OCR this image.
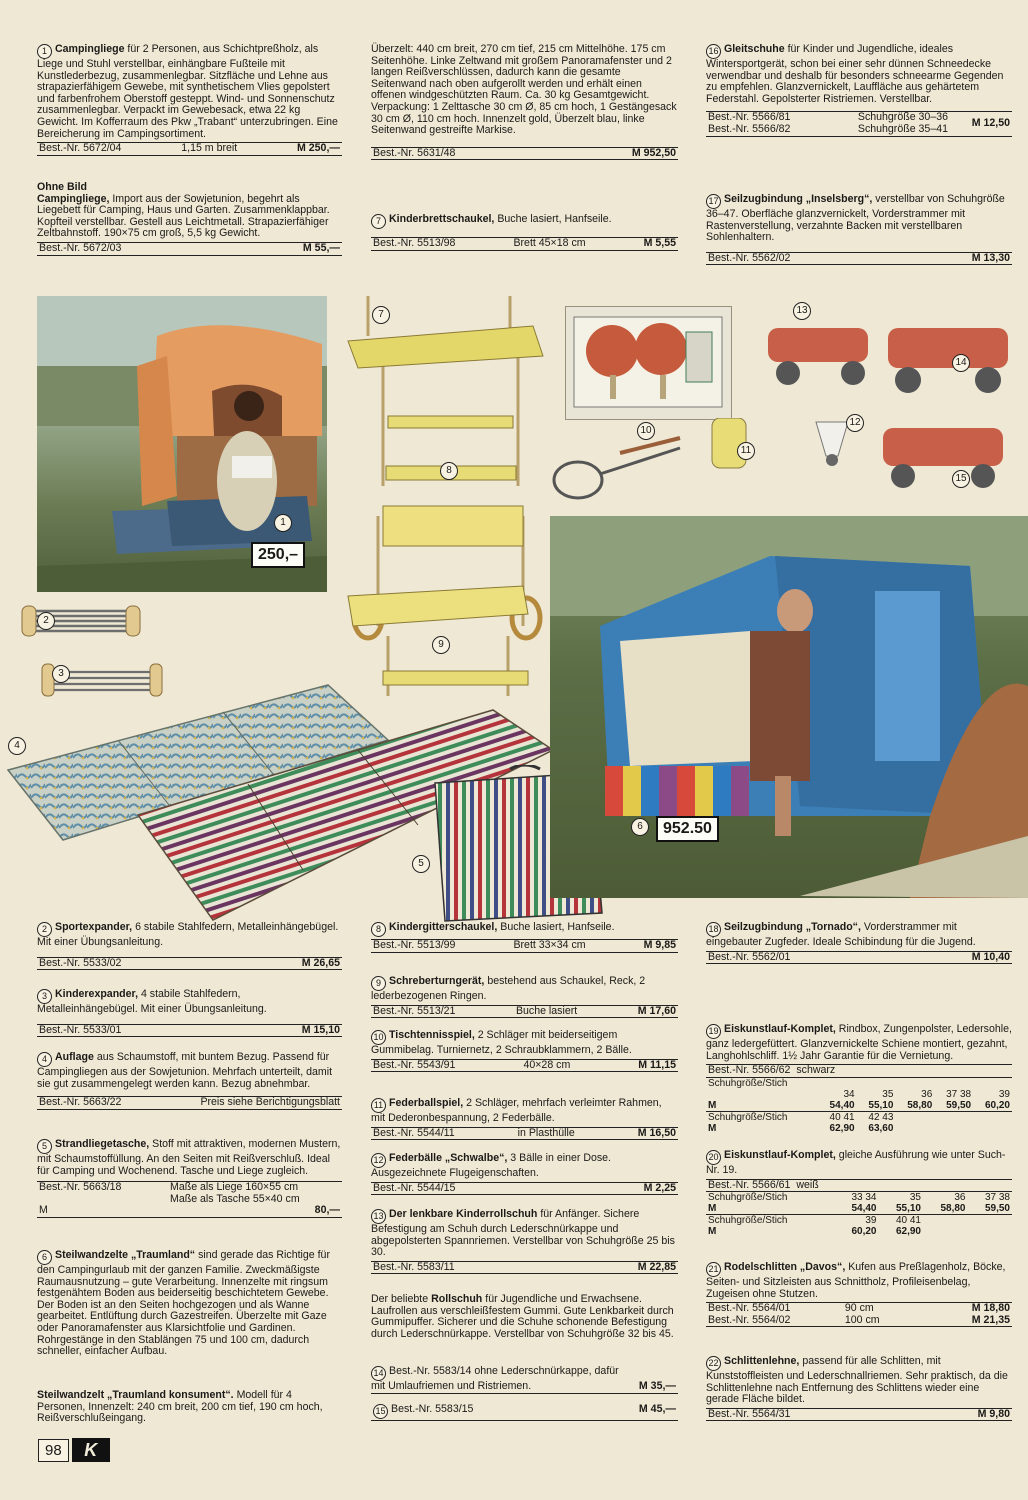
1 Campingliege für 2 Personen, aus Schichtpreßholz, als Liege und Stuhl verstellbar, einhängbare Fußteile mit Kunstlederbezug, zusammenlegbar. Sitzfläche und Lehne aus strapazierfähigem Gewebe, mit synthetischem Vlies gepolstert und farbenfrohem Oberstoff gesteppt. Wind- und Sonnenschutz zusammenlegbar. Verpackt im Gewebesack, etwa 22 kg Gewicht. Im Kofferraum des Pkw „Trabant“ unterzubringen. Eine Bereicherung im Campingsortiment.

Best.-Nr. 5672/04	1,15 m breit	M 250,—

Ohne Bild

Campingliege, Import aus der Sowjetunion, begehrt als Liegebett für Camping, Haus und Garten. Zusammenklappbar. Kopfteil verstellbar. Gestell aus Leichtmetall. Strapazierfähiger Zeltbahnstoff. 190×75 cm groß, 5,5 kg Gewicht.

Best.-Nr. 5672/03	M 55,—

Überzelt: 440 cm breit, 270 cm tief, 215 cm Mittelhöhe. 175 cm Seitenhöhe. Linke Zeltwand mit großem Panoramafenster und 2 langen Reißverschlüssen, dadurch kann die gesamte Seitenwand nach oben aufgerollt werden und erhält einen offenen windgeschützten Raum. Ca. 30 kg Gesamtgewicht. Verpackung: 1 Zelttasche 30 cm Ø, 85 cm hoch, 1 Gestängesack 30 cm Ø, 110 cm hoch. Innenzelt gold, Überzelt blau, linke Seitenwand gestreifte Markise.

Best.-Nr. 5631/48	M 952,50

7 Kinderbrettschaukel, Buche lasiert, Hanfseile.

Best.-Nr. 5513/98	Brett 45×18 cm	M 5,55

16 Gleitschuhe für Kinder und Jugendliche, ideales Wintersportgerät, schon bei einer sehr dünnen Schneedecke verwendbar und deshalb für besonders schneearme Gegenden zu empfehlen. Glanzvernickelt, Lauffläche aus gehärtetem Federstahl. Gepolsterter Ristriemen. Verstellbar.

Best.-Nr. 5566/81	Schuhgröße 30–36
Best.-Nr. 5566/82	Schuhgröße 35–41	M 12,50

17 Seilzugbindung „Inselsberg“, verstellbar von Schuhgröße 36–47. Oberfläche glanzvernickelt, Vorderstrammer mit Rastenverstellung, verzahnte Backen mit verstellbaren Sohlenhaltern.

Best.-Nr. 5562/02	M 13,30
250,–
952.50
1
2
3
4
5
6
7
8
9
10
11
12
13
14
15

2 Sportexpander, 6 stabile Stahlfedern, Metalleinhängebügel. Mit einer Übungsanleitung.

Best.-Nr. 5533/02	M 26,65

3 Kinderexpander, 4 stabile Stahlfedern, Metalleinhängebügel. Mit einer Übungsanleitung.

Best.-Nr. 5533/01	M 15,10

4 Auflage aus Schaumstoff, mit buntem Bezug. Passend für Campingliegen aus der Sowjetunion. Mehrfach unterteilt, damit sie gut zusammengelegt werden kann. Bezug abnehmbar.

Best.-Nr. 5663/22	Preis siehe Berichtigungsblatt

5 Strandliegetasche, Stoff mit attraktiven, modernen Mustern, mit Schaumstoffüllung. An den Seiten mit Reißverschluß. Ideal für Camping und Wochenend. Tasche und Liege zugleich.

Best.-Nr. 5663/18	Maße als Liege 160×55 cm
Maße als Tasche 55×40 cm
M	80,—

6 Steilwandzelte „Traumland“ sind gerade das Richtige für den Campingurlaub mit der ganzen Familie. Zweckmäßigste Raumausnutzung – gute Verarbeitung. Innenzelte mit ringsum festgenähtem Boden aus beiderseitig beschichtetem Gewebe. Der Boden ist an den Seiten hochgezogen und als Wanne gearbeitet. Entlüftung durch Gazestreifen. Überzelte mit Gaze oder Panoramafenster aus Klarsichtfolie und Gardinen. Rohrgestänge in den Stablängen 75 und 100 cm, dadurch schneller, einfacher Aufbau.

Steilwandzelt „Traumland konsument“. Modell für 4 Personen, Innenzelt: 240 cm breit, 200 cm tief, 190 cm hoch, Reißverschlußeingang.

8 Kindergitterschaukel, Buche lasiert, Hanfseile.

Best.-Nr. 5513/99	Brett 33×34 cm	M 9,85

9 Schreberturngerät, bestehend aus Schaukel, Reck, 2 lederbezogenen Ringen.

Best.-Nr. 5513/21	Buche lasiert	M 17,60

10 Tischtennisspiel, 2 Schläger mit beiderseitigem Gummibelag. Turniernetz, 2 Schraubklammern, 2 Bälle.

Best.-Nr. 5543/91	40×28 cm	M 11,15

11 Federballspiel, 2 Schläger, mehrfach verleimter Rahmen, mit Dederonbespannung, 2 Federbälle.

Best.-Nr. 5544/11	in Plasthülle	M 16,50

12 Federbälle „Schwalbe“, 3 Bälle in einer Dose. Ausgezeichnete Flugeigenschaften.

Best.-Nr. 5544/15	M 2,25

13 Der lenkbare Kinderrollschuh für Anfänger. Sichere Befestigung am Schuh durch Lederschnürkappe und abgepolsterten Spannriemen. Verstellbar von Schuhgröße 25 bis 30.

Best.-Nr. 5583/11	M 22,85

Der beliebte Rollschuh für Jugendliche und Erwachsene. Laufrollen aus verschleißfestem Gummi. Gute Lenkbarkeit durch Gummipuffer. Sicherer und die Schuhe schonende Befestigung durch Lederschnürkappe. Verstellbar von Schuhgröße 32 bis 45.

14 Best.-Nr. 5583/14 ohne Lederschnürkappe, dafür mit Umlaufriemen und Ristriemen.	M 35,—
15 Best.-Nr. 5583/15	M 45,—

18 Seilzugbindung „Tornado“, Vorderstrammer mit eingebauter Zugfeder. Ideale Schibindung für die Jugend.

Best.-Nr. 5562/01	M 10,40

19 Eiskunstlauf-Komplet, Rindbox, Zungenpolster, Ledersohle, ganz ledergefüttert. Glanzvernickelte Schiene montiert, gezahnt, Langhohlschliff. 1½ Jahr Garantie für die Vernietung.

Best.-Nr. 5566/62 schwarz
Schuhgröße/Stich					
	34	35	36	37 38	39
M	54,40	55,10	58,80	59,50	60,20
Schuhgröße/Stich	40 41	42 43			
M	62,90	63,60			

20 Eiskunstlauf-Komplet, gleiche Ausführung wie unter Such-Nr. 19.

Best.-Nr. 5566/61 weiß
Schuhgröße/Stich	33 34	35	36	37 38
M	54,40	55,10	58,80	59,50
Schuhgröße/Stich	39	40 41		
M	60,20	62,90		

21 Rodelschlitten „Davos“, Kufen aus Preßlagenholz, Böcke, Seiten- und Sitzleisten aus Schnittholz, Profileisenbelag, Zugeisen ohne Stutzen.

Best.-Nr. 5564/01	90 cm	M 18,80
Best.-Nr. 5564/02	100 cm	M 21,35

22 Schlittenlehne, passend für alle Schlitten, mit Kunststoffleisten und Lederschnallriemen. Sehr praktisch, da die Schlittenlehne nach Entfernung des Schlittens wieder eine gerade Fläche bildet.

Best.-Nr. 5564/31	M 9,80
98	K
